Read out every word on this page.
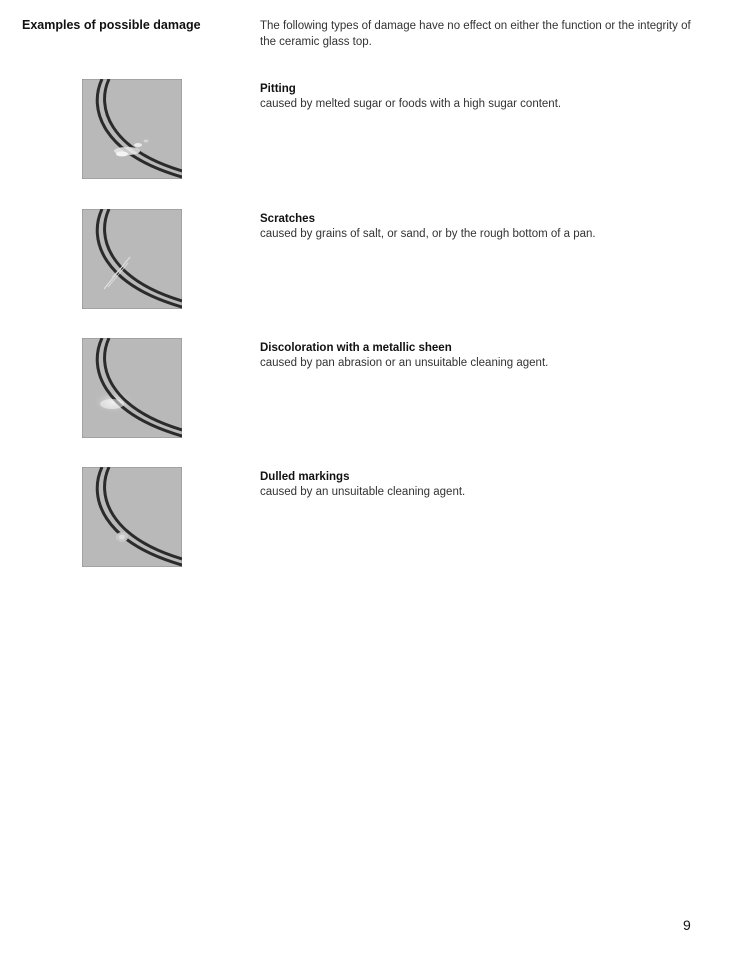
Examples of possible damage	The following types of damage have no effect on either the function or the integrity of the ceramic glass top.
Pitting
caused by melted sugar or foods with a high sugar content.
Scratches
caused by grains of salt, or sand, or by the rough bottom of a pan.
Discoloration with a metallic sheen
caused by pan abrasion or an unsuitable cleaning agent.
Dulled markings
caused by an unsuitable cleaning agent.
9
